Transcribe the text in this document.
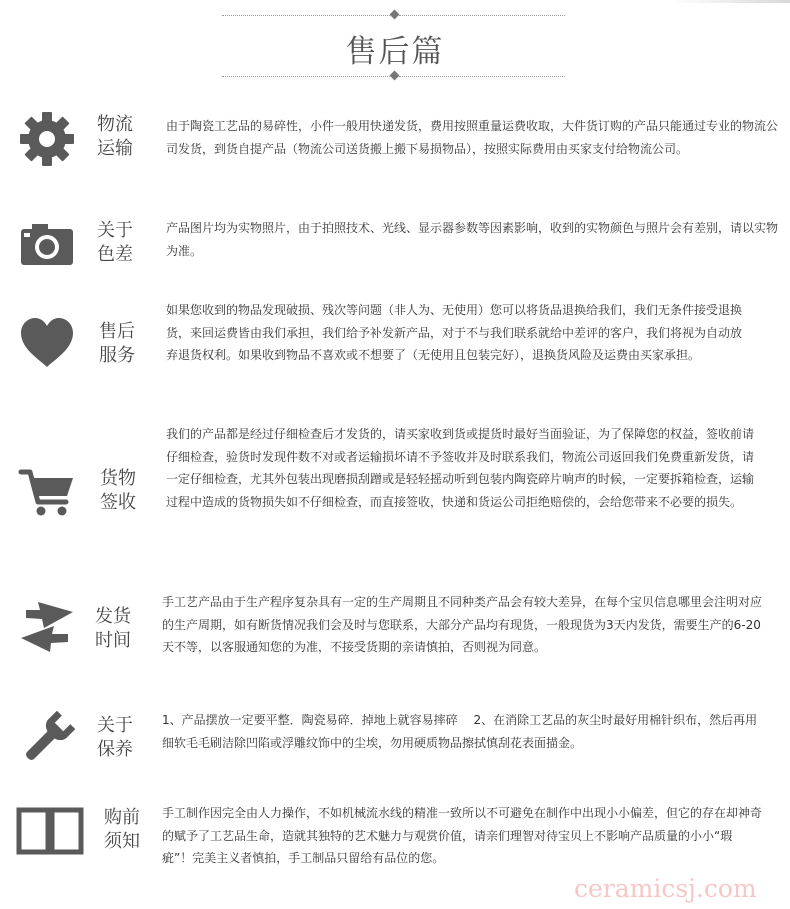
售后篇
物流
运输
由于陶瓷工艺品的易碎性，小件一般用快递发货，费用按照重量运费收取，大件货订购的产品只能通过专业的物流公司发货，到货自提产品（物流公司送货搬上搬下易损物品），按照实际费用由买家支付给物流公司。
关于
色差
产品图片均为实物照片，由于拍照技术、光线、显示器参数等因素影响，收到的实物颜色与照片会有差别，请以实物为准。
售后
服务
如果您收到的物品发现破损、残次等问题（非人为、无使用）您可以将货品退换给我们，我们无条件接受退换货，来回运费皆由我们承担，我们给予补发新产品，对于不与我们联系就给中差评的客户，我们将视为自动放弃退货权利。如果收到物品不喜欢或不想要了（无使用且包装完好），退换货风险及运费由买家承担。
货物
签收
我们的产品都是经过仔细检查后才发货的，请买家收到货或提货时最好当面验证，为了保障您的权益，签收前请仔细检查，验货时发现件数不对或者运输损坏请不予签收并及时联系我们，物流公司返回我们免费重新发货，请一定仔细检查，尤其外包装出现磨损刮蹭或是轻轻摇动听到包装内陶瓷碎片响声的时候，一定要拆箱检查，运输过程中造成的货物损失如不仔细检查，而直接签收，快递和货运公司拒绝赔偿的，会给您带来不必要的损失。
发货
时间
手工艺产品由于生产程序复杂具有一定的生产周期且不同种类产品会有较大差异，在每个宝贝信息哪里会注明对应的生产周期，如有断货情况我们会及时与您联系，大部分产品均有现货，一般现货为3天内发货，需要生产的6-20天不等，以客服通知您的为准，不接受货期的亲请慎拍，否则视为同意。
关于
保养
1、产品摆放一定要平整．陶瓷易碎．掉地上就容易摔碎　 2、在消除工艺品的灰尘时最好用棉针织布，然后再用细软毛毛刷洁除凹陷或浮雕纹饰中的尘埃，勿用硬质物品擦拭慎刮花表面描金。
购前
须知
手工制作因完全由人力操作，不如机械流水线的精准一致所以不可避免在制作中出现小小偏差，但它的存在却神奇的赋予了工艺品生命，造就其独特的艺术魅力与观赏价值，请亲们理智对待宝贝上不影响产品质量的小小“瑕疵”！完美主义者慎拍，手工制品只留给有品位的您。
ceramicsj.com
